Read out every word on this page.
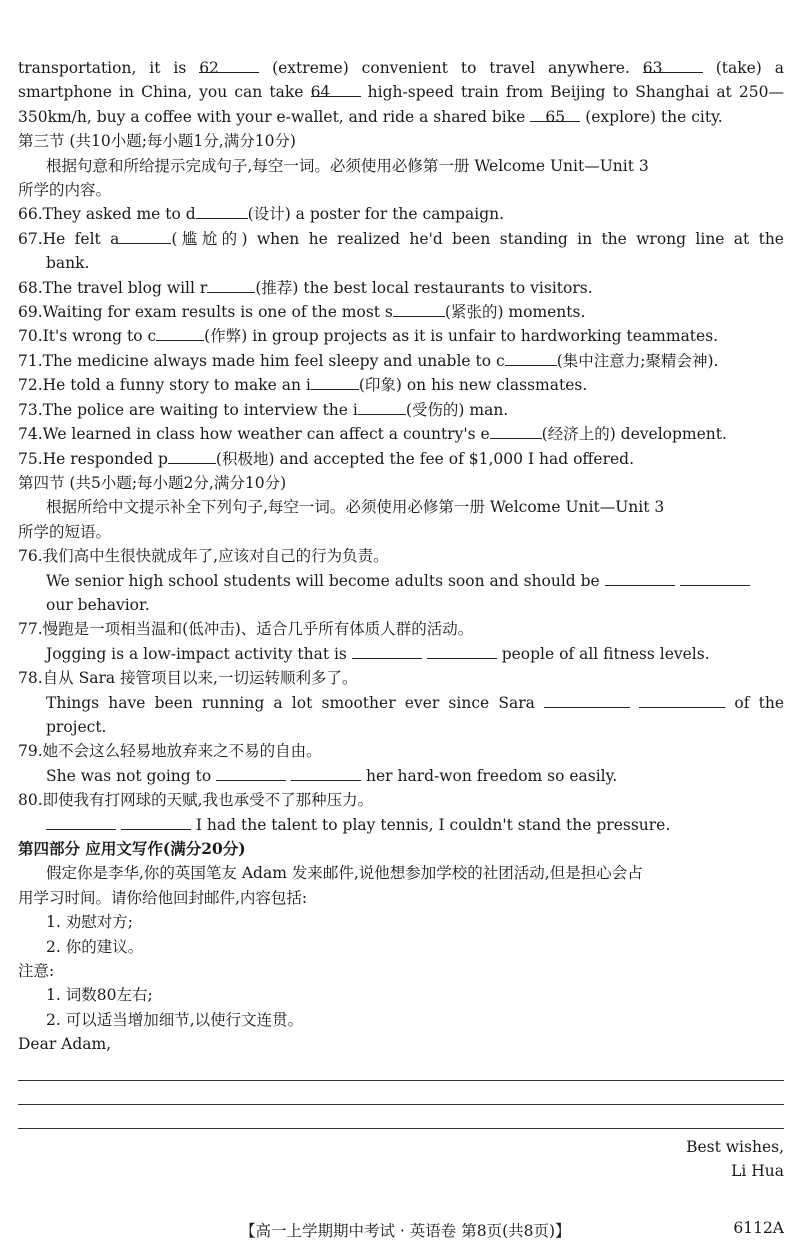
transportation, it is 62	(extreme) convenient to travel anywhere. 63	(take) a
smartphone in China, you can take 64 high-speed train from Beijing to Shanghai at 250—
350km/h, buy a coffee with your e-wallet, and ride a shared bike 65 (explore) the city.
第三节 (共10小题;每小题1分,满分10分)
根据句意和所给提示完成句子,每空一词。必须使用必修第一册 Welcome Unit—Unit 3
所学的内容。
66.They asked me to d	(设计) a poster for the campaign.
67.He felt a	(尴尬的) when he realized he'd been standing in the wrong line at the
bank.
68.The travel blog will r	(推荐) the best local restaurants to visitors.
69.Waiting for exam results is one of the most s	(紧张的) moments.
70.It's wrong to c	(作弊) in group projects as it is unfair to hardworking teammates.
71.The medicine always made him feel sleepy and unable to c	(集中注意力;聚精会神).
72.He told a funny story to make an i	(印象) on his new classmates.
73.The police are waiting to interview the i	(受伤的) man.
74.We learned in class how weather can affect a country's e	(经济上的) development.
75.He responded p	(积极地) and accepted the fee of $1,000 I had offered.
第四节 (共5小题;每小题2分,满分10分)
根据所给中文提示补全下列句子,每空一词。必须使用必修第一册 Welcome Unit—Unit 3
所学的短语。
76.我们高中生很快就成年了,应该对自己的行为负责。
We senior high school students will become adults soon and should be
our behavior.
77.慢跑是一项相当温和(低冲击)、适合几乎所有体质人群的活动。
Jogging is a low-impact activity that is	people of all fitness levels.
78.自从 Sara 接管项目以来,一切运转顺利多了。
Things have been running a lot smoother ever since Sara	of the
project.
79.她不会这么轻易地放弃来之不易的自由。
She was not going to	her hard-won freedom so easily.
80.即使我有打网球的天赋,我也承受不了那种压力。
I had the talent to play tennis, I couldn't stand the pressure.
第四部分 应用文写作(满分20分)
假定你是李华,你的英国笔友 Adam 发来邮件,说他想参加学校的社团活动,但是担心会占
用学习时间。请你给他回封邮件,内容包括:
1. 劝慰对方;
2. 你的建议。
注意:
1. 词数80左右;
2. 可以适当增加细节,以使行文连贯。
Dear Adam,
Best wishes,
Li Hua
【高一上学期期中考试 · 英语卷 第8页(共8页)】	6112A
